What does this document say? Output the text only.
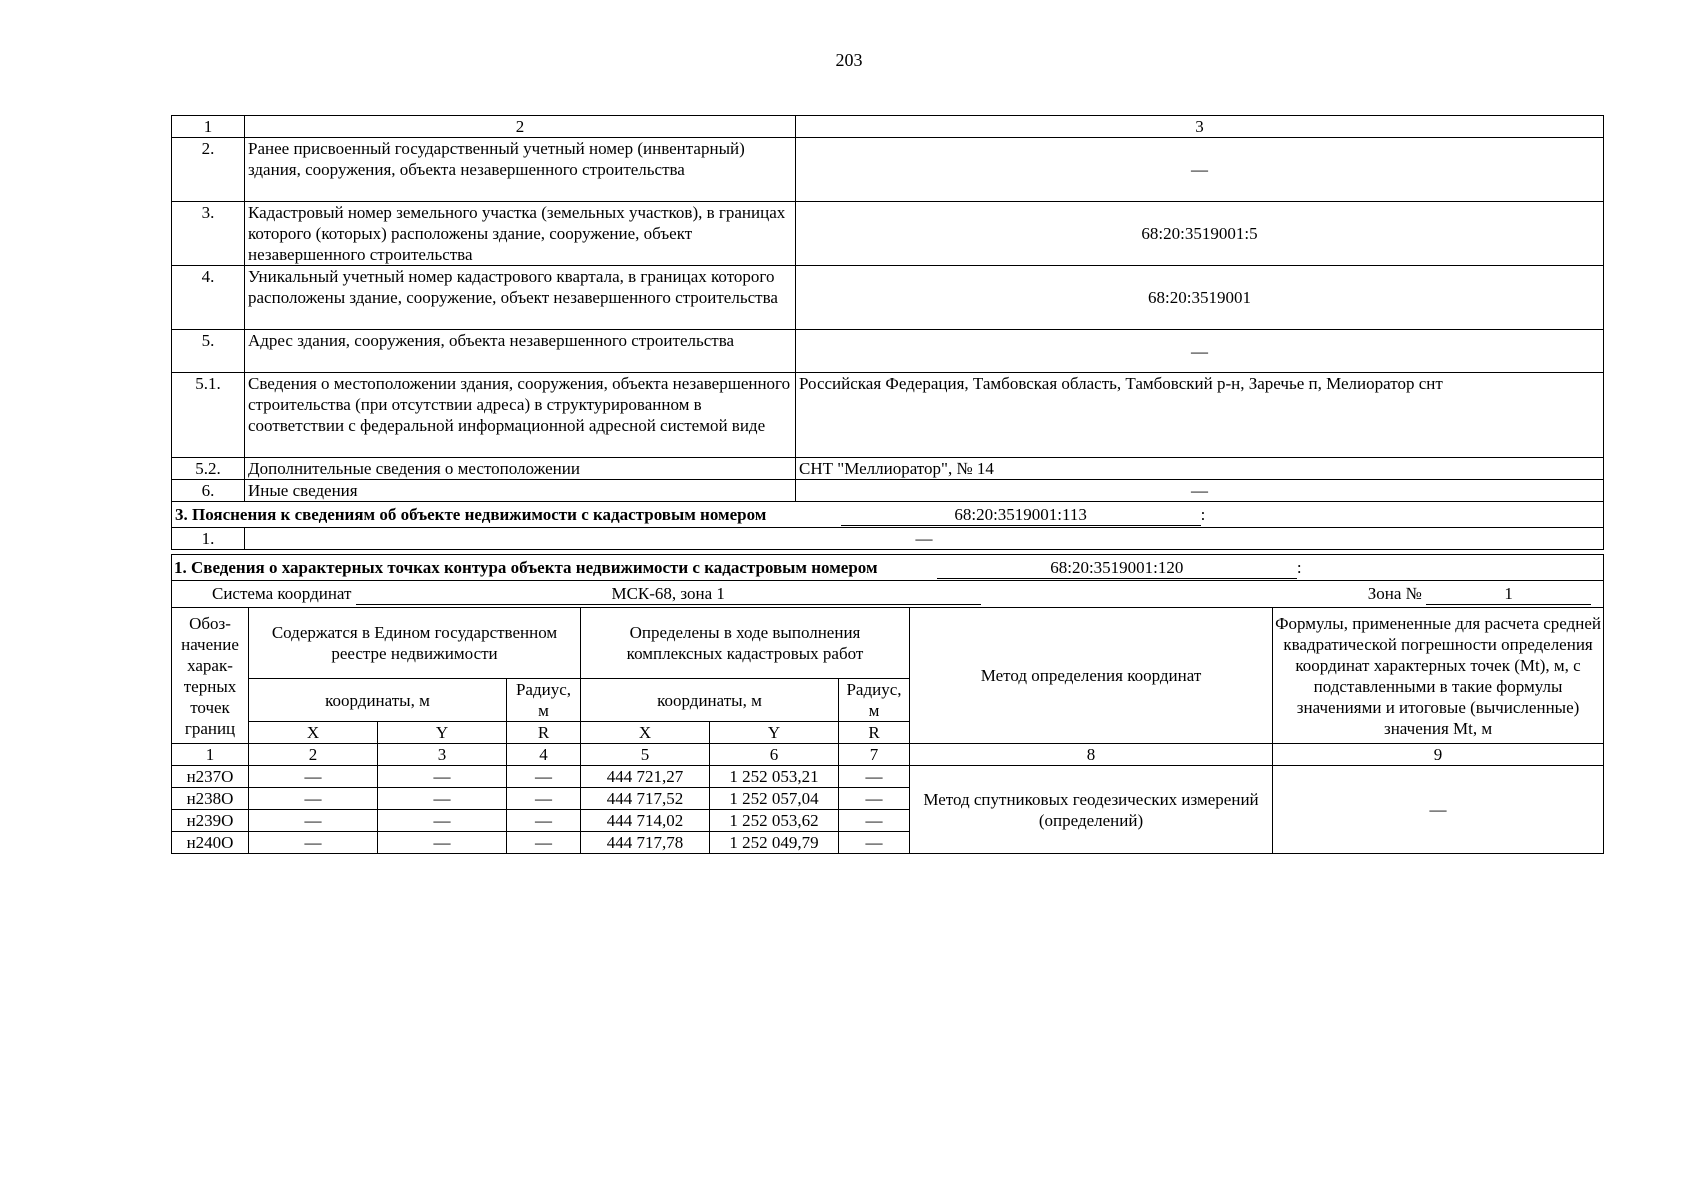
203
1	2	3
2.	Ранее присвоенный государственный учетный номер (инвентарный) здания, сооружения, объекта незавершенного строительства	—
3.	Кадастровый номер земельного участка (земельных участков), в границах которого (которых) расположены здание, сооружение, объект незавершенного строительства	68:20:3519001:5
4.	Уникальный учетный номер кадастрового квартала, в границах которого расположены здание, сооружение, объект незавершенного строительства	68:20:3519001
5.	Адрес здания, сооружения, объекта незавершенного строительства	—
5.1.	Сведения о местоположении здания, сооружения, объекта незавершенного строительства (при отсутствии адреса) в структурированном в соответствии с федеральной информационной адресной системой виде	Российская Федерация, Тамбовская область, Тамбовский р-н, Заречье п, Мелиоратор снт
5.2.	Дополнительные сведения о местоположении	СНТ "Меллиоратор", № 14
6.	Иные сведения	—
3. Пояснения к сведениям об объекте недвижимости с кадастровым номером 68:20:3519001:113 :		
1.	—	
1. Сведения о характерных точках контура объекта недвижимости с кадастровым номером 68:20:3519001:120 :								
Система координат МСК-68, зона 1 Зона № 1								

Обоз-начение харак-терных точек границ	Содержатся в Едином государственном реестре недвижимости			Определены в ходе выполнения комплексных кадастровых работ			Метод определения координат	Формулы, примененные для расчета средней квадратической погрешности определения координат характерных точек (Mt), м, с подставленными в такие формулы значениями и итоговые (вычисленные) значения Mt, м
	координаты, м		Радиус, м	координаты, м		Радиус, м		
	X	Y	R	X	Y	R		
1	2	3	4	5	6	7	8	9
н237О	—	—	—	444 721,27	1 252 053,21	—	Метод спутниковых геодезических измерений (определений)	—
н238О	—	—	—	444 717,52	1 252 057,04	—		
н239О	—	—	—	444 714,02	1 252 053,62	—		
н240О	—	—	—	444 717,78	1 252 049,79	—		
